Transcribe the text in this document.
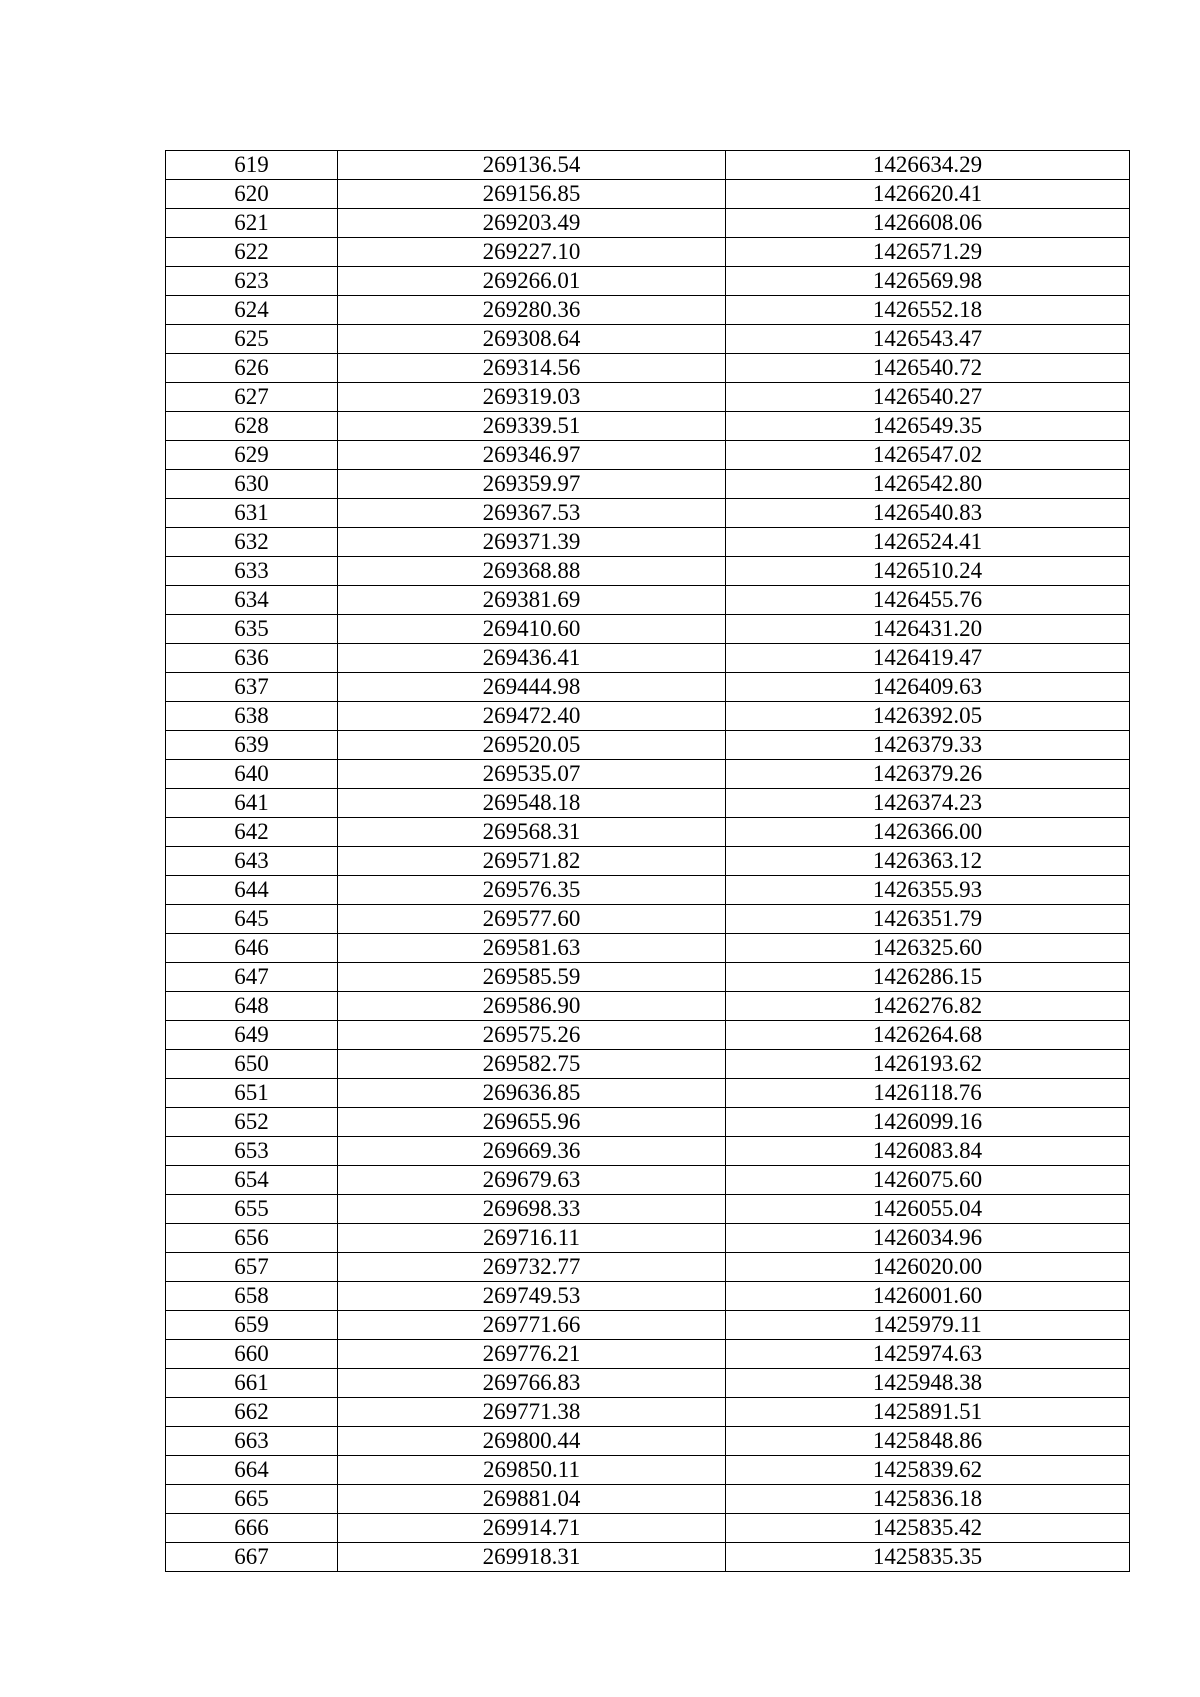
619	269136.54	1426634.29
620	269156.85	1426620.41
621	269203.49	1426608.06
622	269227.10	1426571.29
623	269266.01	1426569.98
624	269280.36	1426552.18
625	269308.64	1426543.47
626	269314.56	1426540.72
627	269319.03	1426540.27
628	269339.51	1426549.35
629	269346.97	1426547.02
630	269359.97	1426542.80
631	269367.53	1426540.83
632	269371.39	1426524.41
633	269368.88	1426510.24
634	269381.69	1426455.76
635	269410.60	1426431.20
636	269436.41	1426419.47
637	269444.98	1426409.63
638	269472.40	1426392.05
639	269520.05	1426379.33
640	269535.07	1426379.26
641	269548.18	1426374.23
642	269568.31	1426366.00
643	269571.82	1426363.12
644	269576.35	1426355.93
645	269577.60	1426351.79
646	269581.63	1426325.60
647	269585.59	1426286.15
648	269586.90	1426276.82
649	269575.26	1426264.68
650	269582.75	1426193.62
651	269636.85	1426118.76
652	269655.96	1426099.16
653	269669.36	1426083.84
654	269679.63	1426075.60
655	269698.33	1426055.04
656	269716.11	1426034.96
657	269732.77	1426020.00
658	269749.53	1426001.60
659	269771.66	1425979.11
660	269776.21	1425974.63
661	269766.83	1425948.38
662	269771.38	1425891.51
663	269800.44	1425848.86
664	269850.11	1425839.62
665	269881.04	1425836.18
666	269914.71	1425835.42
667	269918.31	1425835.35
